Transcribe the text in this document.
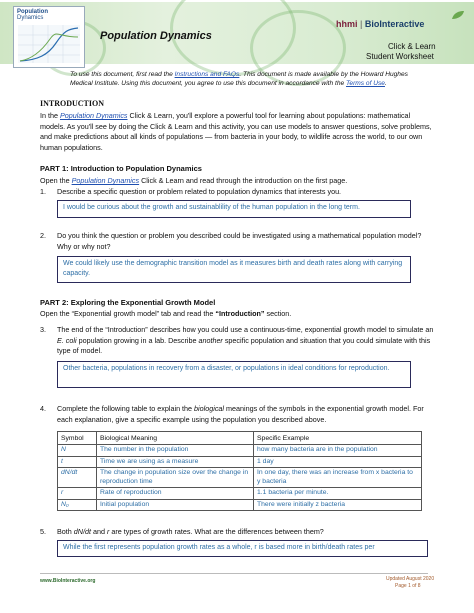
Population
Dynamics
Population Dynamics
hhmi | BioInteractive
Click & Learn
Student Worksheet
To use this document, first read the Instructions and FAQs. This document is made available by the Howard Hughes Medical Institute. Using this document, you agree to use this document in accordance with the Terms of Use.
INTRODUCTION
In the Population Dynamics Click & Learn, you'll explore a powerful tool for learning about populations: mathematical models. As you'll see by doing the Click & Learn and this activity, you can use models to answer questions, solve problems, and make predictions about all kinds of populations — from bacteria in your body, to wildlife across the world, to our own human populations.
PART 1: Introduction to Population Dynamics
Open the Population Dynamics Click & Learn and read through the introduction on the first page.
1. Describe a specific question or problem related to population dynamics that interests you.
I would be curious about the growth and sustainablility of the human population in the long term.
2. Do you think the question or problem you described could be investigated using a mathematical population model? Why or why not?
We could likely use the demographic transition model as it measures birth and death rates along with carrying capacity.
PART 2: Exploring the Exponential Growth Model
Open the “Exponential growth model” tab and read the “Introduction” section.
3. The end of the “Introduction” describes how you could use a continuous-time, exponential growth model to simulate an E. coli population growing in a lab. Describe another specific population and situation that you could simulate with this type of model.
Other bacteria, populations in recovery from a disaster, or populations in ideal conditions for reproduction.
4. Complete the following table to explain the biological meanings of the symbols in the exponential growth model. For each explanation, give a specific example using the population you described above.
Symbol	Biological Meaning	Specific Example
N	The number in the population	how many bacteria are in the population
t	Time we are using as a measure	1 day
dN/dt	The change in population size over the change in reproduction time	In one day, there was an increase from x bacteria to y bacteria
r	Rate of reproduction	1.1 bacteria per minute.
N₀	Initial population	There were initially z bacteria
5. Both dN/dt and r are types of growth rates. What are the differences between them?
While the first represents population growth rates as a whole, r is based more in birth/death rates per
www.BioInteractive.org	Updated August 2020
Page 1 of 8
